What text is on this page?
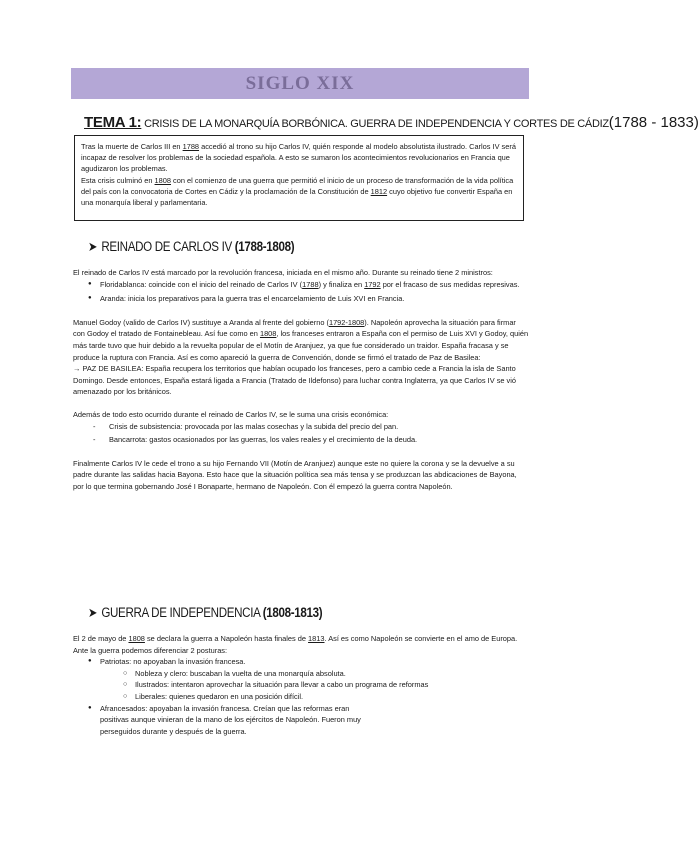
SIGLO XIX
TEMA 1: CRISIS DE LA MONARQUÍA BORBÓNICA. GUERRA DE INDEPENDENCIA Y CORTES DE CÁDIZ(1788 - 1833)

Tras la muerte de Carlos III en 1788 accedió al trono su hijo Carlos IV, quién responde al modelo absolutista ilustrado. Carlos IV será incapaz de resolver los problemas de la sociedad española. A esto se sumaron los acontecimientos revolucionarios en Francia que agudizaron los problemas.

Esta crisis culminó en 1808 con el comienzo de una guerra que permitió el inicio de un proceso de transformación de la vida política del país con la convocatoria de Cortes en Cádiz y la proclamación de la Constitución de 1812 cuyo objetivo fue convertir España en una monarquía liberal y parlamentaria.

➤ REINADO DE CARLOS IV (1788-1808)

El reinado de Carlos IV está marcado por la revolución francesa, iniciada en el mismo año. Durante su reinado tiene 2 ministros:

● Floridablanca: coincide con el inicio del reinado de Carlos IV (1788) y finaliza en 1792 por el fracaso de sus medidas represivas.
● Aranda: inicia los preparativos para la guerra tras el encarcelamiento de Luis XVI en Francia.

Manuel Godoy (valido de Carlos IV) sustituye a Aranda al frente del gobierno (1792-1808). Napoleón aprovecha la situación para firmar con Godoy el tratado de Fontainebleau. Así fue como en 1808, los franceses entraron a España con el permiso de Luis XVI y Godoy, quién más tarde tuvo que huir debido a la revuelta popular de el Motín de Aranjuez, ya que fue considerado un traidor. España fracasa y se produce la ruptura con Francia. Así es como apareció la guerra de Convención, donde se firmó el tratado de Paz de Basilea:

→ PAZ DE BASILEA: España recupera los territorios que habían ocupado los franceses, pero a cambio cede a Francia la isla de Santo Domingo. Desde entonces, España estará ligada a Francia (Tratado de Ildefonso) para luchar contra Inglaterra, ya que Carlos IV se vió amenazado por los británicos.

Además de todo esto ocurrido durante el reinado de Carlos IV, se le suma una crisis económica:

- Crisis de subsistencia: provocada por las malas cosechas y la subida del precio del pan.
- Bancarrota: gastos ocasionados por las guerras, los vales reales y el crecimiento de la deuda.

Finalmente Carlos IV le cede el trono a su hijo Fernando VII (Motín de Aranjuez) aunque este no quiere la corona y se la devuelve a su padre durante las salidas hacia Bayona. Esto hace que la situación política sea más tensa y se produzcan las abdicaciones de Bayona, por lo que termina gobernando José I Bonaparte, hermano de Napoleón. Con él empezó la guerra contra Napoleón.

➤ GUERRA DE INDEPENDENCIA (1808-1813)

El 2 de mayo de 1808 se declara la guerra a Napoleón hasta finales de 1813. Así es como Napoleón se convierte en el amo de Europa. Ante la guerra podemos diferenciar 2 posturas:

● Patriotas: no apoyaban la invasión francesa.
○ Nobleza y clero: buscaban la vuelta de una monarquía absoluta.
○ Ilustrados: intentaron aprovechar la situación para llevar a cabo un programa de reformas
○ Liberales: quienes quedaron en una posición difícil.
● Afrancesados: apoyaban la invasión francesa. Creían que las reformas eran positivas aunque vinieran de la mano de los ejércitos de Napoleón. Fueron muy perseguidos durante y después de la guerra.
